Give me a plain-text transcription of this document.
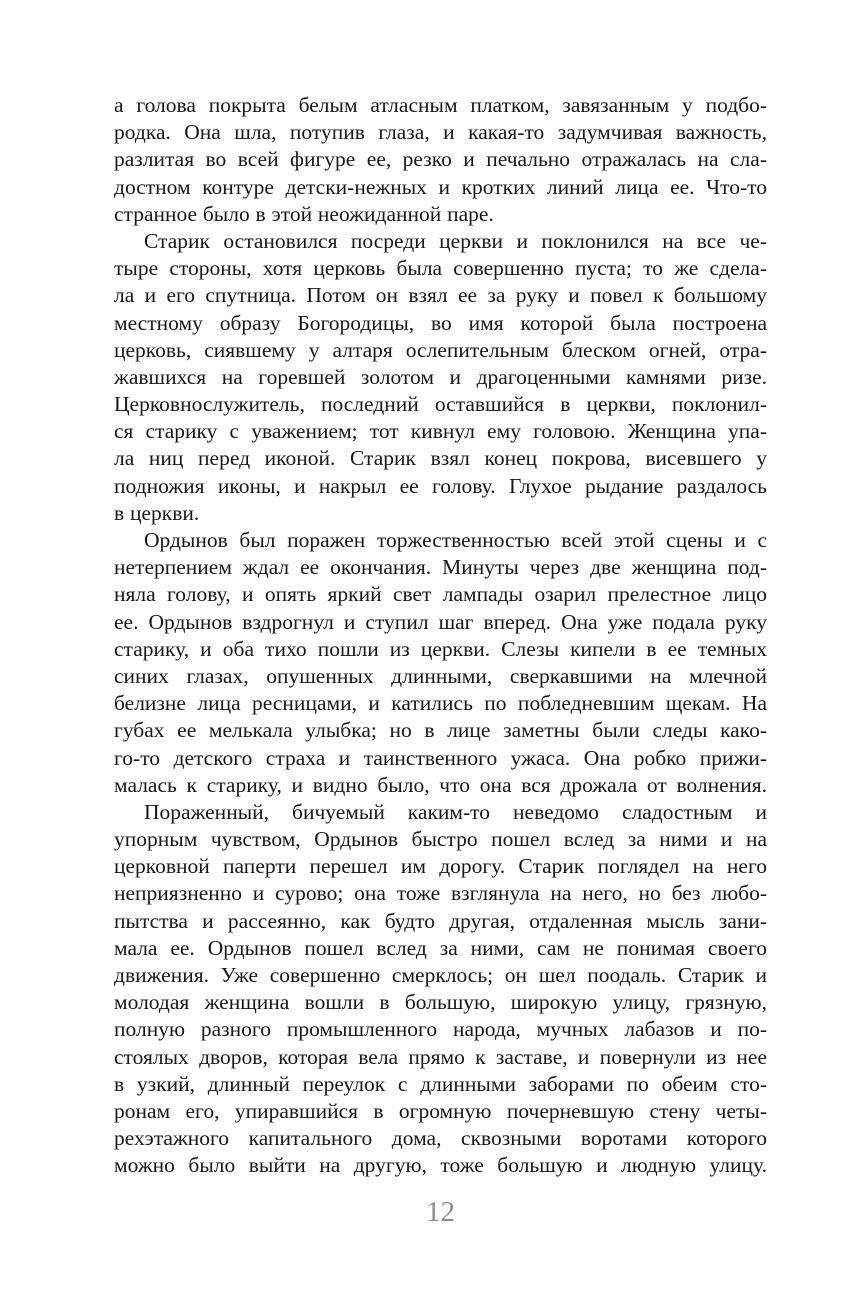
а голова покрыта белым атласным платком, завязанным у подбо-
родка. Она шла, потупив глаза, и какая-то задумчивая важность,
разлитая во всей фигуре ее, резко и печально отражалась на сла-
достном контуре детски-нежных и кротких линий лица ее. Что-то
странное было в этой неожиданной паре.

Старик остановился посреди церкви и поклонился на все че-
тыре стороны, хотя церковь была совершенно пуста; то же сдела-
ла и его спутница. Потом он взял ее за руку и повел к большому
местному образу Богородицы, во имя которой была построена
церковь, сиявшему у алтаря ослепительным блеском огней, отра-
жавшихся на горевшей золотом и драгоценными камнями ризе.
Церковнослужитель, последний оставшийся в церкви, поклонил-
ся старику с уважением; тот кивнул ему головою. Женщина упа-
ла ниц перед иконой. Старик взял конец покрова, висевшего у
подножия иконы, и накрыл ее голову. Глухое рыдание раздалось
в церкви.

Ордынов был поражен торжественностью всей этой сцены и с
нетерпением ждал ее окончания. Минуты через две женщина под-
няла голову, и опять яркий свет лампады озарил прелестное лицо
ее. Ордынов вздрогнул и ступил шаг вперед. Она уже подала руку
старику, и оба тихо пошли из церкви. Слезы кипели в ее темных
синих глазах, опушенных длинными, сверкавшими на млечной
белизне лица ресницами, и катились по побледневшим щекам. На
губах ее мелькала улыбка; но в лице заметны были следы како-
го-то детского страха и таинственного ужаса. Она робко прижи-
малась к старику, и видно было, что она вся дрожала от волнения.

Пораженный, бичуемый каким-то неведомо сладостным и
упорным чувством, Ордынов быстро пошел вслед за ними и на
церковной паперти перешел им дорогу. Старик поглядел на него
неприязненно и сурово; она тоже взглянула на него, но без любо-
пытства и рассеянно, как будто другая, отдаленная мысль зани-
мала ее. Ордынов пошел вслед за ними, сам не понимая своего
движения. Уже совершенно смерклось; он шел поодаль. Старик и
молодая женщина вошли в большую, широкую улицу, грязную,
полную разного промышленного народа, мучных лабазов и по-
стоялых дворов, которая вела прямо к заставе, и повернули из нее
в узкий, длинный переулок с длинными заборами по обеим сто-
ронам его, упиравшийся в огромную почерневшую стену четы-
рехэтажного капитального дома, сквозными воротами которого
можно было выйти на другую, тоже большую и людную улицу.

12
